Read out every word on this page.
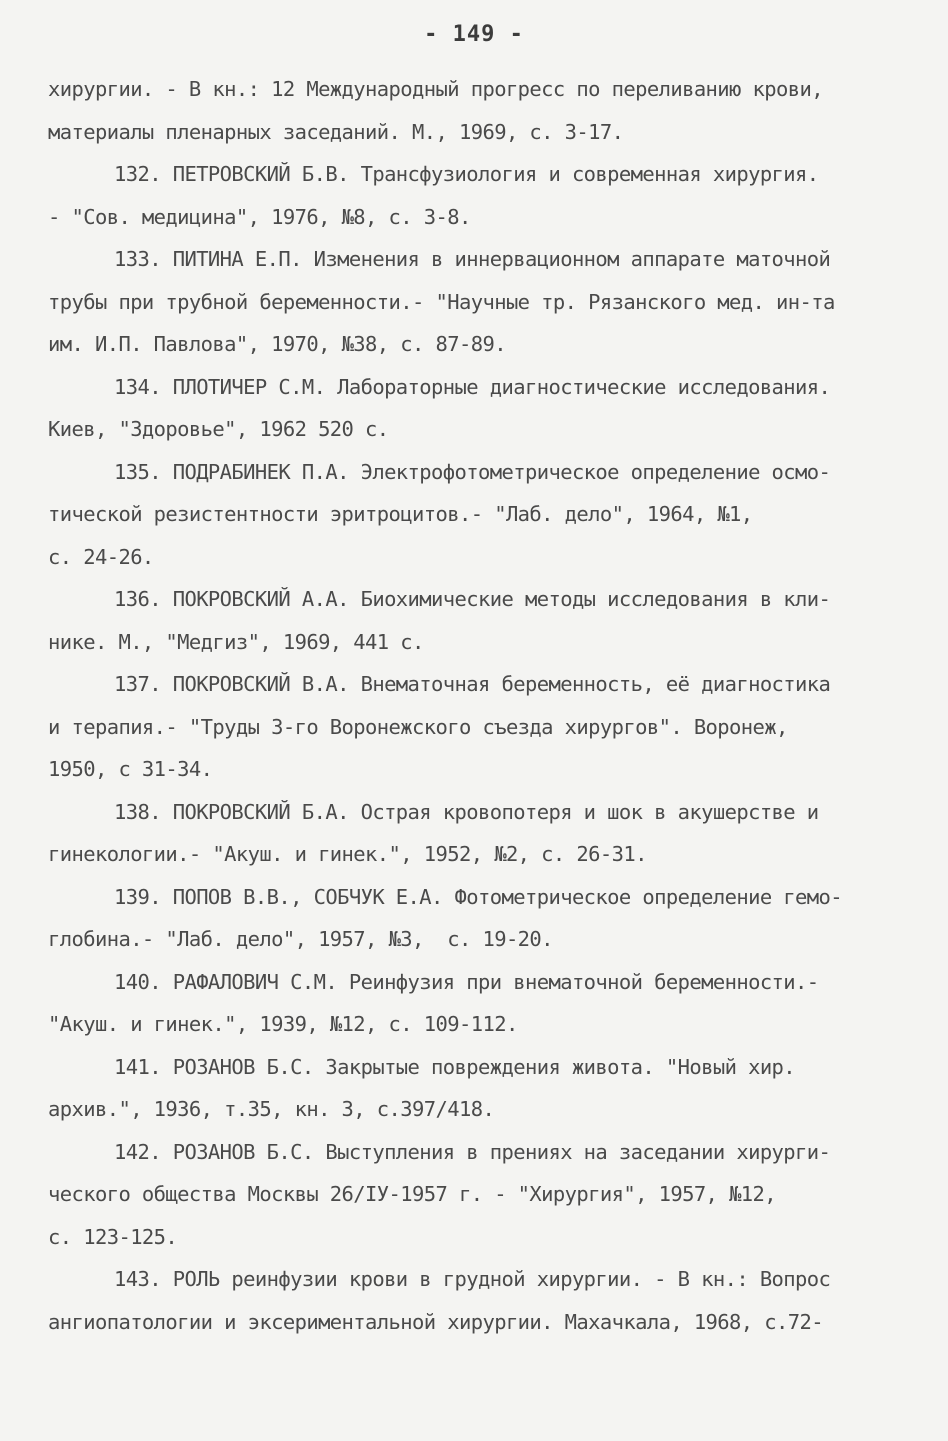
- 149 -
хирургии. - В кн.: 12 Международный прогресс по переливанию крови,
материалы пленарных заседаний. М., 1969, с. 3-17.
132. ПЕТРОВСКИЙ Б.В. Трансфузиология и современная хирургия.
- "Сов. медицина", 1976, №8, с. 3-8.
133. ПИТИНА Е.П. Изменения в иннервационном аппарате маточной
трубы при трубной беременности.- "Научные тр. Рязанского мед. ин-та
им. И.П. Павлова", 1970, №38, с. 87-89.
134. ПЛОТИЧЕР С.М. Лабораторные диагностические исследования.
Киев, "Здоровье", 1962 520 с.
135. ПОДРАБИНЕК П.А. Электрофотометрическое определение осмо-
тической резистентности эритроцитов.- "Лаб. дело", 1964, №1,
с. 24-26.
136. ПОКРОВСКИЙ А.А. Биохимические методы исследования в кли-
нике. М., "Медгиз", 1969, 441 с.
137. ПОКРОВСКИЙ В.А. Внематочная беременность, её диагностика
и терапия.- "Труды 3-го Воронежского съезда хирургов". Воронеж,
1950, с 31-34.
138. ПОКРОВСКИЙ Б.А. Острая кровопотеря и шок в акушерстве и
гинекологии.- "Акуш. и гинек.", 1952, №2, с. 26-31.
139. ПОПОВ В.В., СОБЧУК Е.А. Фотометрическое определение гемо-
глобина.- "Лаб. дело", 1957, №3,  с. 19-20.
140. РАФАЛОВИЧ С.М. Реинфузия при внематочной беременности.-
"Акуш. и гинек.", 1939, №12, с. 109-112.
141. РОЗАНОВ Б.С. Закрытые повреждения живота. "Новый хир.
архив.", 1936, т.35, кн. 3, с.397/418.
142. РОЗАНОВ Б.С. Выступления в прениях на заседании хирурги-
ческого общества Москвы 26/IУ-1957 г. - "Хирургия", 1957, №12,
с. 123-125.
143. РОЛЬ реинфузии крови в грудной хирургии. - В кн.: Вопрос
ангиопатологии и эксериментальной хирургии. Махачкала, 1968, с.72-
